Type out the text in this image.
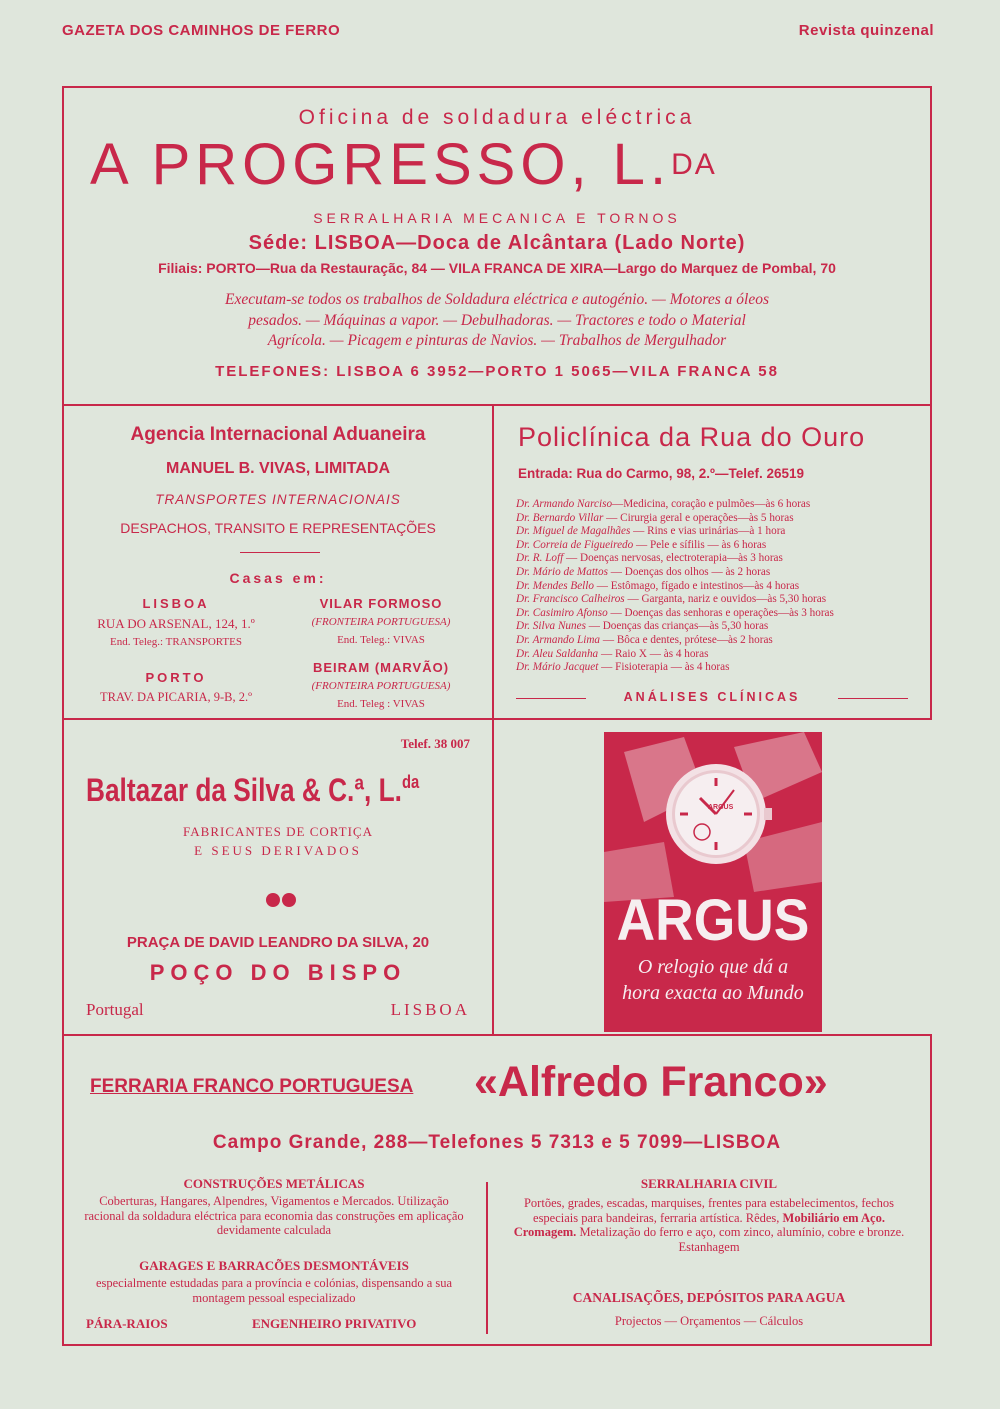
GAZETA DOS CAMINHOS DE FERRO	Revista quinzenal
Oficina de soldadura eléctrica
A PROGRESSO, L.$^{DA}$
SERRALHARIA MECANICA E TORNOS
Séde: LISBOA—Doca de Alcântara (Lado Norte)
Filiais: PORTO—Rua da Restauraçãc, 84 — VILA FRANCA DE XIRA—Largo do Marquez de Pombal, 70
Executam-se todos os trabalhos de Soldadura eléctrica e autogénio. — Motores a óleos
pesados. — Máquinas a vapor. — Debulhadoras. — Tractores e todo o Material
Agrícola. — Picagem e pinturas de Navios. — Trabalhos de Mergulhador
TELEFONES: LISBOA 6 3952—PORTO 1 5065—VILA FRANCA 58
Agencia Internacional Aduaneira
MANUEL B. VIVAS, LIMITADA
TRANSPORTES INTERNACIONAIS
DESPACHOS, TRANSITO E REPRESENTAÇÕES
Casas em:
LISBOA
RUA DO ARSENAL, 124, 1.º
End. Teleg.: TRANSPORTES
PORTO
TRAV. DA PICARIA, 9-B, 2.º
VILAR FORMOSO
(FRONTEIRA PORTUGUESA)
End. Teleg.: VIVAS
BEIRAM (MARVÃO)
(FRONTEIRA PORTUGUESA)
End. Teleg : VIVAS
Policlínica da Rua do Ouro
Entrada: Rua do Carmo, 98, 2.º—Telef. 26519
Dr. Armando Narciso—Medicina, coração e pulmões—às 6 horas
Dr. Bernardo Villar — Cirurgia geral e operações—às 5 horas
Dr. Miguel de Magalhães — Rins e vias urinárias—à 1 hora
Dr. Correia de Figueiredo — Pele e sífilis — às 6 horas
Dr. R. Loff — Doenças nervosas, electroterapia—às 3 horas
Dr. Mário de Mattos — Doenças dos olhos — às 2 horas
Dr. Mendes Bello — Estômago, fígado e intestinos—às 4 horas
Dr. Francisco Calheiros — Garganta, nariz e ouvidos—às 5,30 horas
Dr. Casimiro Afonso — Doenças das senhoras e operações—às 3 horas
Dr. Silva Nunes — Doenças das crianças—às 5,30 horas
Dr. Armando Lima — Bôca e dentes, prótese—às 2 horas
Dr. Aleu Saldanha — Raio X — às 4 horas
Dr. Mário Jacquet — Fisioterapia — às 4 horas
ANÁLISES CLÍNICAS
Telef. 38 007
Baltazar da Silva & C.ª, L.$^{da}$
FABRICANTES DE CORTIÇA
E SEUS DERIVADOS
PRAÇA DE DAVID LEANDRO DA SILVA, 20
POÇO DO BISPO
Portugal	LISBOA
ARGUS
ARGUS
O relogio que dá a
hora exacta ao Mundo
FERRARIA FRANCO PORTUGUESA «Alfredo Franco»
Campo Grande, 288—Telefones 5 7313 e 5 7099—LISBOA
CONSTRUÇÕES METÁLICAS
Coberturas, Hangares, Alpendres, Vigamentos e Mercados. Utilização racional da soldadura eléctrica para economia das construções em aplicação devidamente calculada
GARAGES E BARRACÕES DESMONTÁVEIS
especialmente estudadas para a província e colónias, dispensando a sua montagem pessoal especializado
PÁRA-RAIOS	ENGENHEIRO PRIVATIVO
SERRALHARIA CIVIL
Portões, grades, escadas, marquises, frentes para estabelecimentos, fechos especiais para bandeiras, ferraria artística. Rêdes, Mobiliário em Aço. Cromagem. Metalização do ferro e aço, com zinco, alumínio, cobre e bronze. Estanhagem
CANALISAÇÕES, DEPÓSITOS PARA AGUA
Projectos — Orçamentos — Cálculos
